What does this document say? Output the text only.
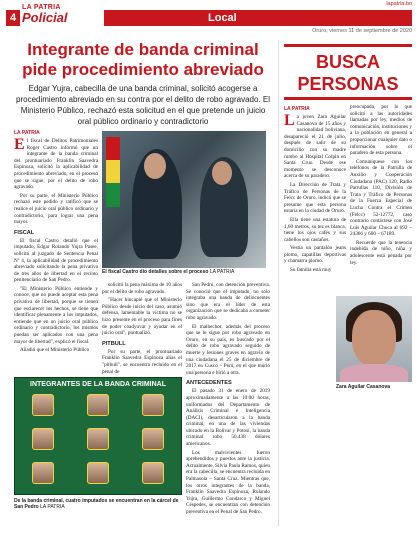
4
LA PATRIA
Policial	Local
lapatria.bo
Oruro, viernes 11 de septiembre de 2020
Integrante de banda criminal pide procedimiento abreviado
Edgar Yujra, cabecilla de una banda criminal, solicitó acogerse a procedimiento abreviado en su contra por el delito de robo agravado. El Ministerio Público, rechazó esta solicitud en el que pretende un juicio oral público ordinario y contradictorio

LA PATRIA

El fiscal de Delitos Patrimoniales Roger Castro informó que un integrante de la banda criminal del prontuariado Franklin Saavedra Espinoza, solicitó la aplicabilidad de procedimiento abreviado, en el proceso que se sigue, por el delito de robo agravado.

Por su parte, el Ministerio Público rechazó este pedido y ratificó que se realice el juicio oral público ordinario y contradictorio, para lograr una pena mayor.

FISCAL

El fiscal Castro detalló que el imputado, Edgar Rolando Yujra Pasee, solicitó al juzgado de Sentencia Penal Nº 4, la aplicabilidad de procedimiento abreviado solicitando la pena privativa de tres años de libertad en el recinto penitenciario de San Pedro.

"El Ministerio Público entiende y conoce, que no puede aceptar esta pena privativa de libertad, porque se tienen que esclarecer los hechos, se tiene que identificar plenamente a los imputados, entiende que en un juicio oral público ordinario y contradictorio, los mismos puedan ser aplicados con una pena mayor de libertad", explicó el fiscal.

Añadió que el Ministerio Público

El fiscal Castro dio detalles sobre el proceso LA PATRIA

solicitó la pena máxima de 10 años por el delito de robo agravado.

"Hacer hincapié que el Ministerio Público desde inicio del caso, asumió defensa, lamentable la víctima no se hizo presente en el proceso para fines de poder coadyuvar y ayudar en el juicio oral", puntualizó.

PITBULL

Por su parte, el prontuariado Franklin Saavedra Espinoza alias el "pitbull", se encuentra recluido en el penal de

San Pedro, con detención preventiva. Se conoció que el imputado, no solo integraba una banda de delincuentes sino que era el líder de esta organización que se dedicaba a cometer robo agravado.

El malhechor, además del proceso que se le sigue por robo agravado en Oruro, en su país, es buscado por el delito de robo agravado seguido de muerte y lesiones graves en agravio de una ciudadana el 25 de diciembre de 2017 en Cusco – Perú, en el que murió una persona e hirió a otra.

ANTECEDENTES

El pasado 31 de enero de 2019 aproximadamente a las 10:00 horas, uniformados del Departamento de Análisis Criminal e Inteligencia (DACI), desarticularon a la banda criminal, en una de las viviendas ubicado en la Bolívar y Potosí, la banda criminal robó 50.438 dólares americanos.

Los malvivientes fueron aprehendidos y puestos ante la justicia. Actualmente, Silvia Paola Ramos, quien era la cabecilla, se encuentra recluida en Palmasola – Santa Cruz. Mientras que, los otros integrantes de la banda, Franklin Saavedra Espinoza, Rolando Yujra, Guillermo Condarco y Miguel Céspedes, se encuentran con detención preventiva en el Penal de San Pedro.

INTEGRANTES DE LA BANDA CRIMINAL
De la banda criminal, cuatro imputados se encuentran en la cárcel de San Pedro LA PATRIA
BUSCA
PERSONAS

LA PATRIA

La joven Zara Aguilar Casanova de 15 años y nacionalidad boliviana, desapareció el 21 de julio, después de salir de su domicilio con su madre rumbo al Hospital Colpin en Santa Cruz. Desde ese momento se desconoce acerca de su paradero.

La Dirección de Trata y Tráfico de Personas de la Felcc de Oruro, indicó que se presume que esta persona estaría en la ciudad de Oruro.

Ella tiene una estatura de 1,60 metros, su tez es blanca, tiene los ojos cafés y sus cabellos son castaños.

Vestía un pantalón jeans plomo, zapatillas deportivas y chamarra plomo.

Su familia está muy

preocupada, por lo que solicitó a las autoridades llamadas por ley, medios de comunicación, instituciones y a la población en general a proporcionar cualquier dato o información sobre el paradero de esta persona.

Comuníquese con los teléfonos de la Patrulla de Auxilio y Cooperación Ciudadana (PAC) 120, Radio Patrullas 110, División de Trata y Tráfico de Personas de la Fuerza Especial de Lucha Contra el Crimen (Felcc) 52-12772, caso contrario contáctese con José Luis Aguilar Choca al 692 – 24366 y 600 – 67189.

Recuerde que la tenencia indebida de niño, niña y adolescente está penada por ley.

Zara Aguilar Casanova
